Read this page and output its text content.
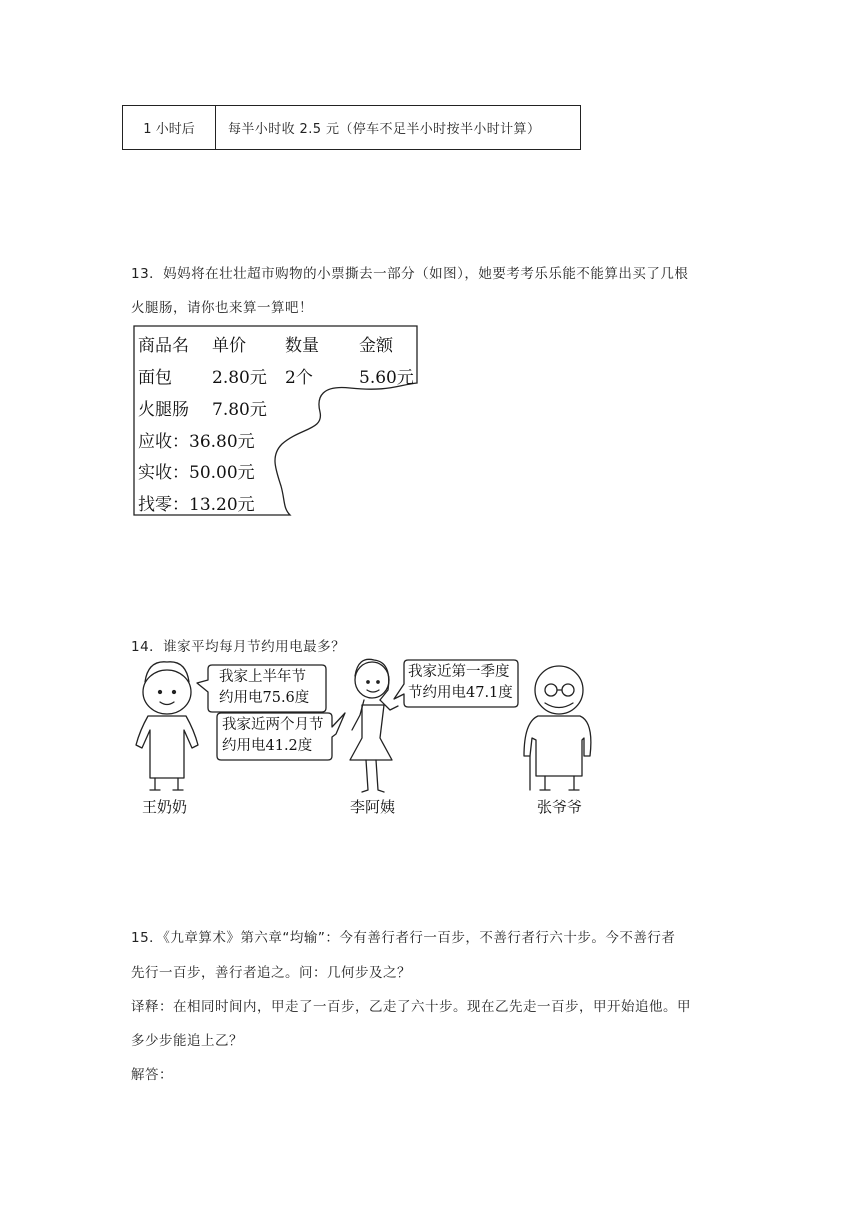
1 小时后	每半小时收 2.5 元（停车不足半小时按半小时计算）
13．妈妈将在壮壮超市购物的小票撕去一部分（如图），她要考考乐乐能不能算出买了几根
火腿肠，请你也来算一算吧！
商品名 单价 数量 金额
面包 2.80元 2个	5.60元
火腿肠 7.80元
应收：36.80元
实收：50.00元
找零：13.20元
14．谁家平均每月节约用电最多？
我家上半年节
约用电75.6度
我家近两个月节
约用电41.2度
我家近第一季度
节约用电47.1度
王奶奶	李阿姨	张爷爷
15．《九章算术》第六章“均输”：今有善行者行一百步，不善行者行六十步。今不善行者
先行一百步，善行者追之。问：几何步及之？
译释：在相同时间内，甲走了一百步，乙走了六十步。现在乙先走一百步，甲开始追他。甲
多少步能追上乙？
解答：
